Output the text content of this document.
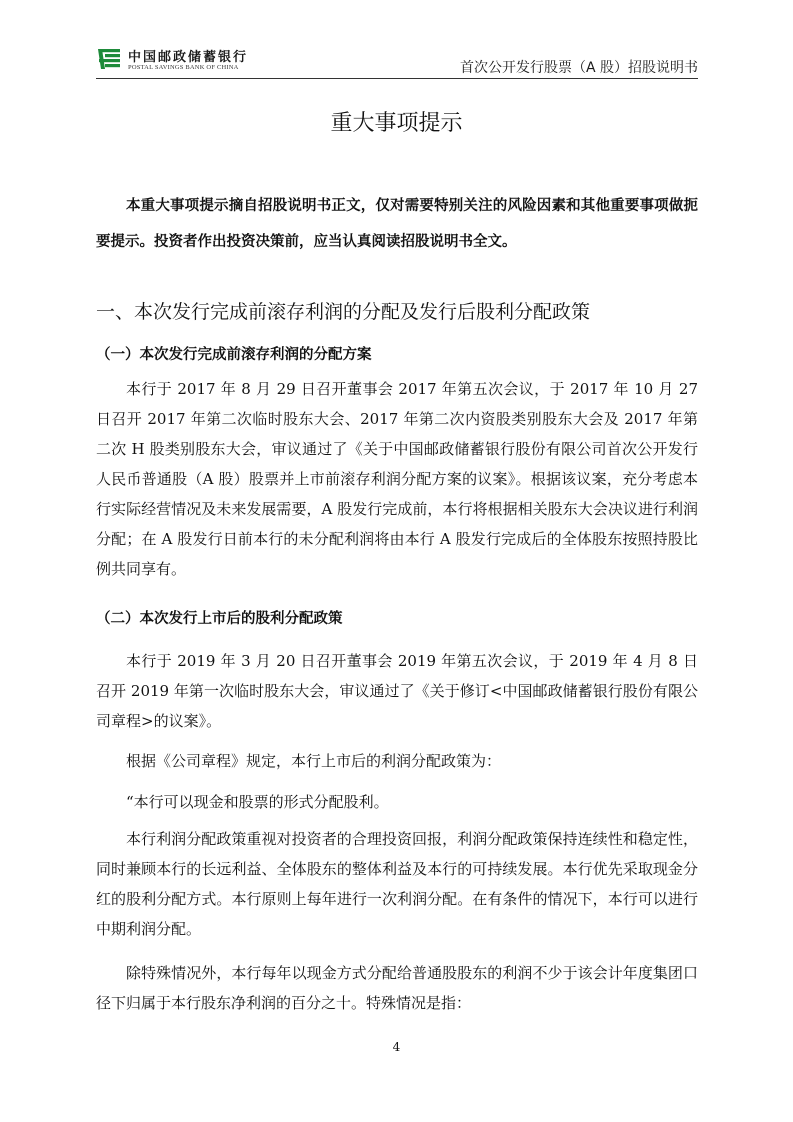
中国邮政储蓄银行
POSTAL SAVINGS BANK OF CHINA	首次公开发行股票（A 股）招股说明书
重大事项提示
本重大事项提示摘自招股说明书正文，仅对需要特别关注的风险因素和其他重要事项做扼要提示。投资者作出投资决策前，应当认真阅读招股说明书全文。
一、本次发行完成前滚存利润的分配及发行后股利分配政策
（一）本次发行完成前滚存利润的分配方案
本行于 2017 年 8 月 29 日召开董事会 2017 年第五次会议，于 2017 年 10 月 27 日召开 2017 年第二次临时股东大会、2017 年第二次内资股类别股东大会及 2017 年第二次 H 股类别股东大会，审议通过了《关于中国邮政储蓄银行股份有限公司首次公开发行人民币普通股（A 股）股票并上市前滚存利润分配方案的议案》。根据该议案，充分考虑本行实际经营情况及未来发展需要，A 股发行完成前，本行将根据相关股东大会决议进行利润分配；在 A 股发行日前本行的未分配利润将由本行 A 股发行完成后的全体股东按照持股比例共同享有。
（二）本次发行上市后的股利分配政策
本行于 2019 年 3 月 20 日召开董事会 2019 年第五次会议，于 2019 年 4 月 8 日召开 2019 年第一次临时股东大会，审议通过了《关于修订<中国邮政储蓄银行股份有限公司章程>的议案》。
根据《公司章程》规定，本行上市后的利润分配政策为：
“本行可以现金和股票的形式分配股利。
本行利润分配政策重视对投资者的合理投资回报，利润分配政策保持连续性和稳定性，同时兼顾本行的长远利益、全体股东的整体利益及本行的可持续发展。本行优先采取现金分红的股利分配方式。本行原则上每年进行一次利润分配。在有条件的情况下，本行可以进行中期利润分配。
除特殊情况外，本行每年以现金方式分配给普通股股东的利润不少于该会计年度集团口径下归属于本行股东净利润的百分之十。特殊情况是指：
4
